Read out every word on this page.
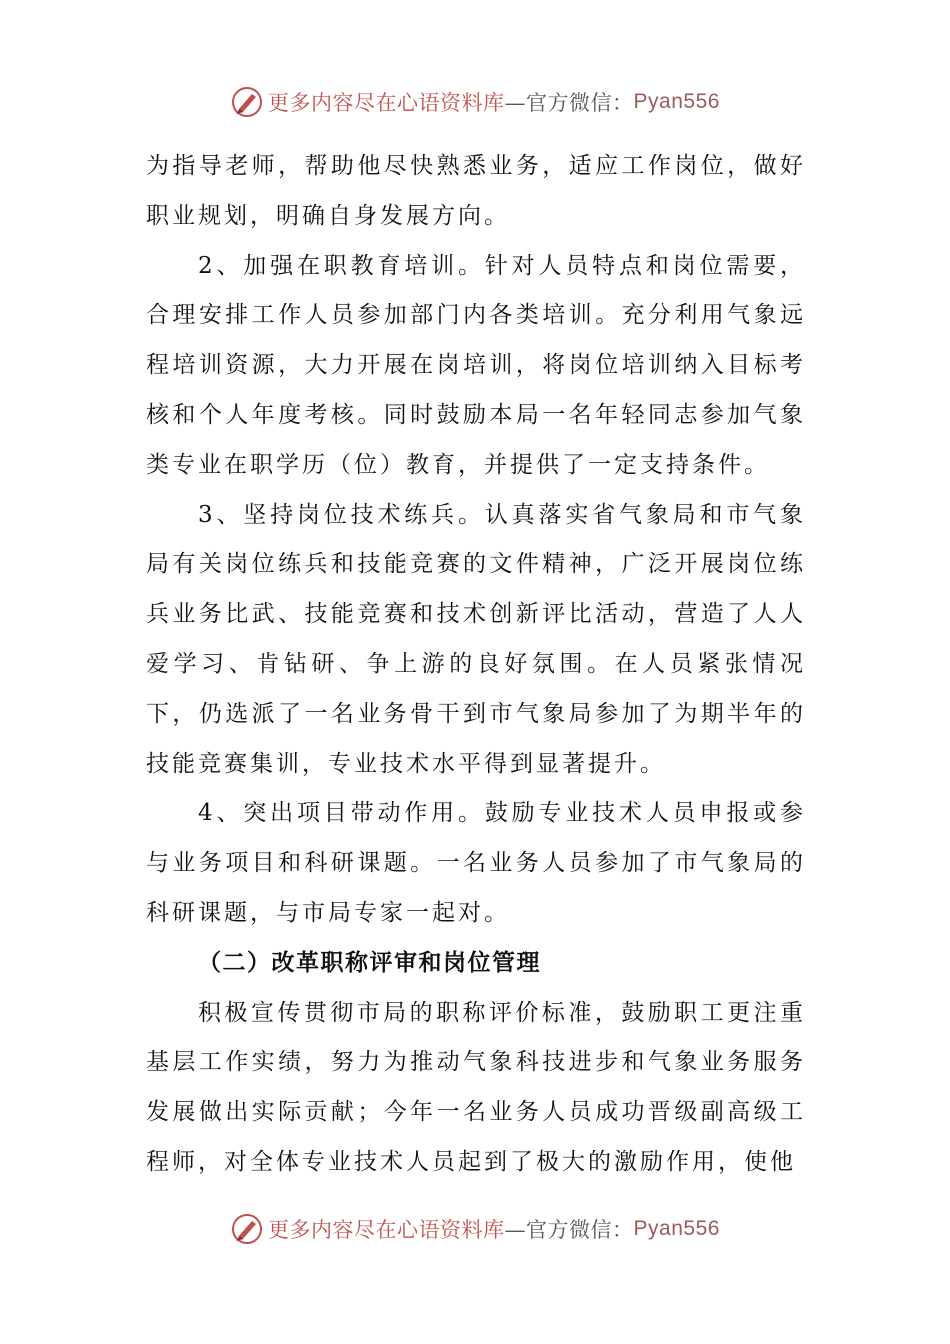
更多内容尽在心语资料库 —官方微信： Pyan556

为指导老师，帮助他尽快熟悉业务，适应工作岗位，做好职业规划，明确自身发展方向。

2、加强在职教育培训。针对人员特点和岗位需要，合理安排工作人员参加部门内各类培训。充分利用气象远程培训资源，大力开展在岗培训，将岗位培训纳入目标考核和个人年度考核。同时鼓励本局一名年轻同志参加气象类专业在职学历（位）教育，并提供了一定支持条件。

3、坚持岗位技术练兵。认真落实省气象局和市气象局有关岗位练兵和技能竞赛的文件精神，广泛开展岗位练兵业务比武、技能竞赛和技术创新评比活动，营造了人人爱学习、肯钻研、争上游的良好氛围。在人员紧张情况下，仍选派了一名业务骨干到市气象局参加了为期半年的技能竞赛集训，专业技术水平得到显著提升。

4、突出项目带动作用。鼓励专业技术人员申报或参与业务项目和科研课题。一名业务人员参加了市气象局的科研课题，与市局专家一起对。

（二）改革职称评审和岗位管理

积极宣传贯彻市局的职称评价标准，鼓励职工更注重基层工作实绩，努力为推动气象科技进步和气象业务服务发展做出实际贡献；今年一名业务人员成功晋级副高级工程师，对全体专业技术人员起到了极大的激励作用，使他

更多内容尽在心语资料库 —官方微信： Pyan556
